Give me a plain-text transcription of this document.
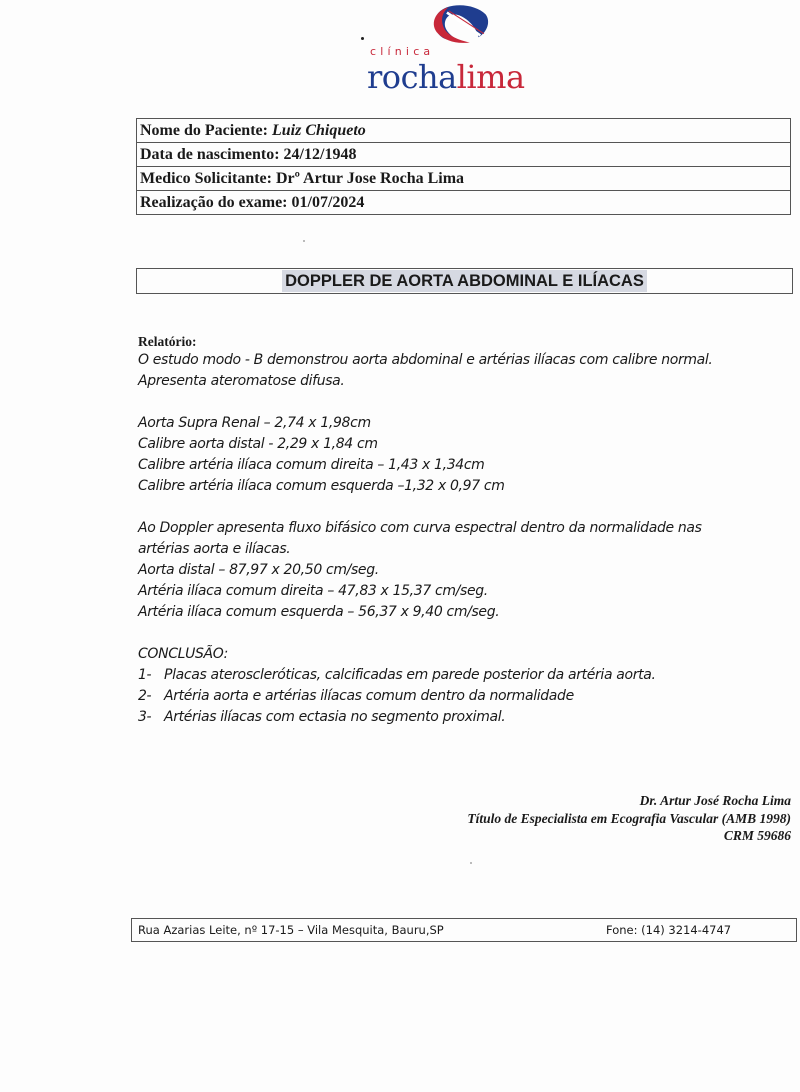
clínica
rochalima
Nome do Paciente: Luiz Chiqueto
Data de nascimento: 24/12/1948
Medico Solicitante: Drº Artur Jose Rocha Lima
Realização do exame: 01/07/2024
DOPPLER DE AORTA ABDOMINAL E ILÍACAS
Relatório:
O estudo modo - B demonstrou aorta abdominal e artérias ilíacas com calibre normal.
Apresenta ateromatose difusa.
Aorta Supra Renal – 2,74 x 1,98cm
Calibre aorta distal - 2,29 x 1,84 cm
Calibre artéria ilíaca comum direita – 1,43 x 1,34cm
Calibre artéria ilíaca comum esquerda –1,32 x 0,97 cm
Ao Doppler apresenta fluxo bifásico com curva espectral dentro da normalidade nas
artérias aorta e ilíacas.
Aorta distal – 87,97 x 20,50 cm/seg.
Artéria ilíaca comum direita – 47,83 x 15,37 cm/seg.
Artéria ilíaca comum esquerda – 56,37 x 9,40 cm/seg.
CONCLUSÃO:
1- Placas ateroscleróticas, calcificadas em parede posterior da artéria aorta.
2- Artéria aorta e artérias ilíacas comum dentro da normalidade
3- Artérias ilíacas com ectasia no segmento proximal.
Dr. Artur José Rocha Lima
Título de Especialista em Ecografia Vascular (AMB 1998)
CRM 59686
Rua Azarias Leite, nº 17-15 – Vila Mesquita, Bauru,SP	Fone: (14) 3214-4747
